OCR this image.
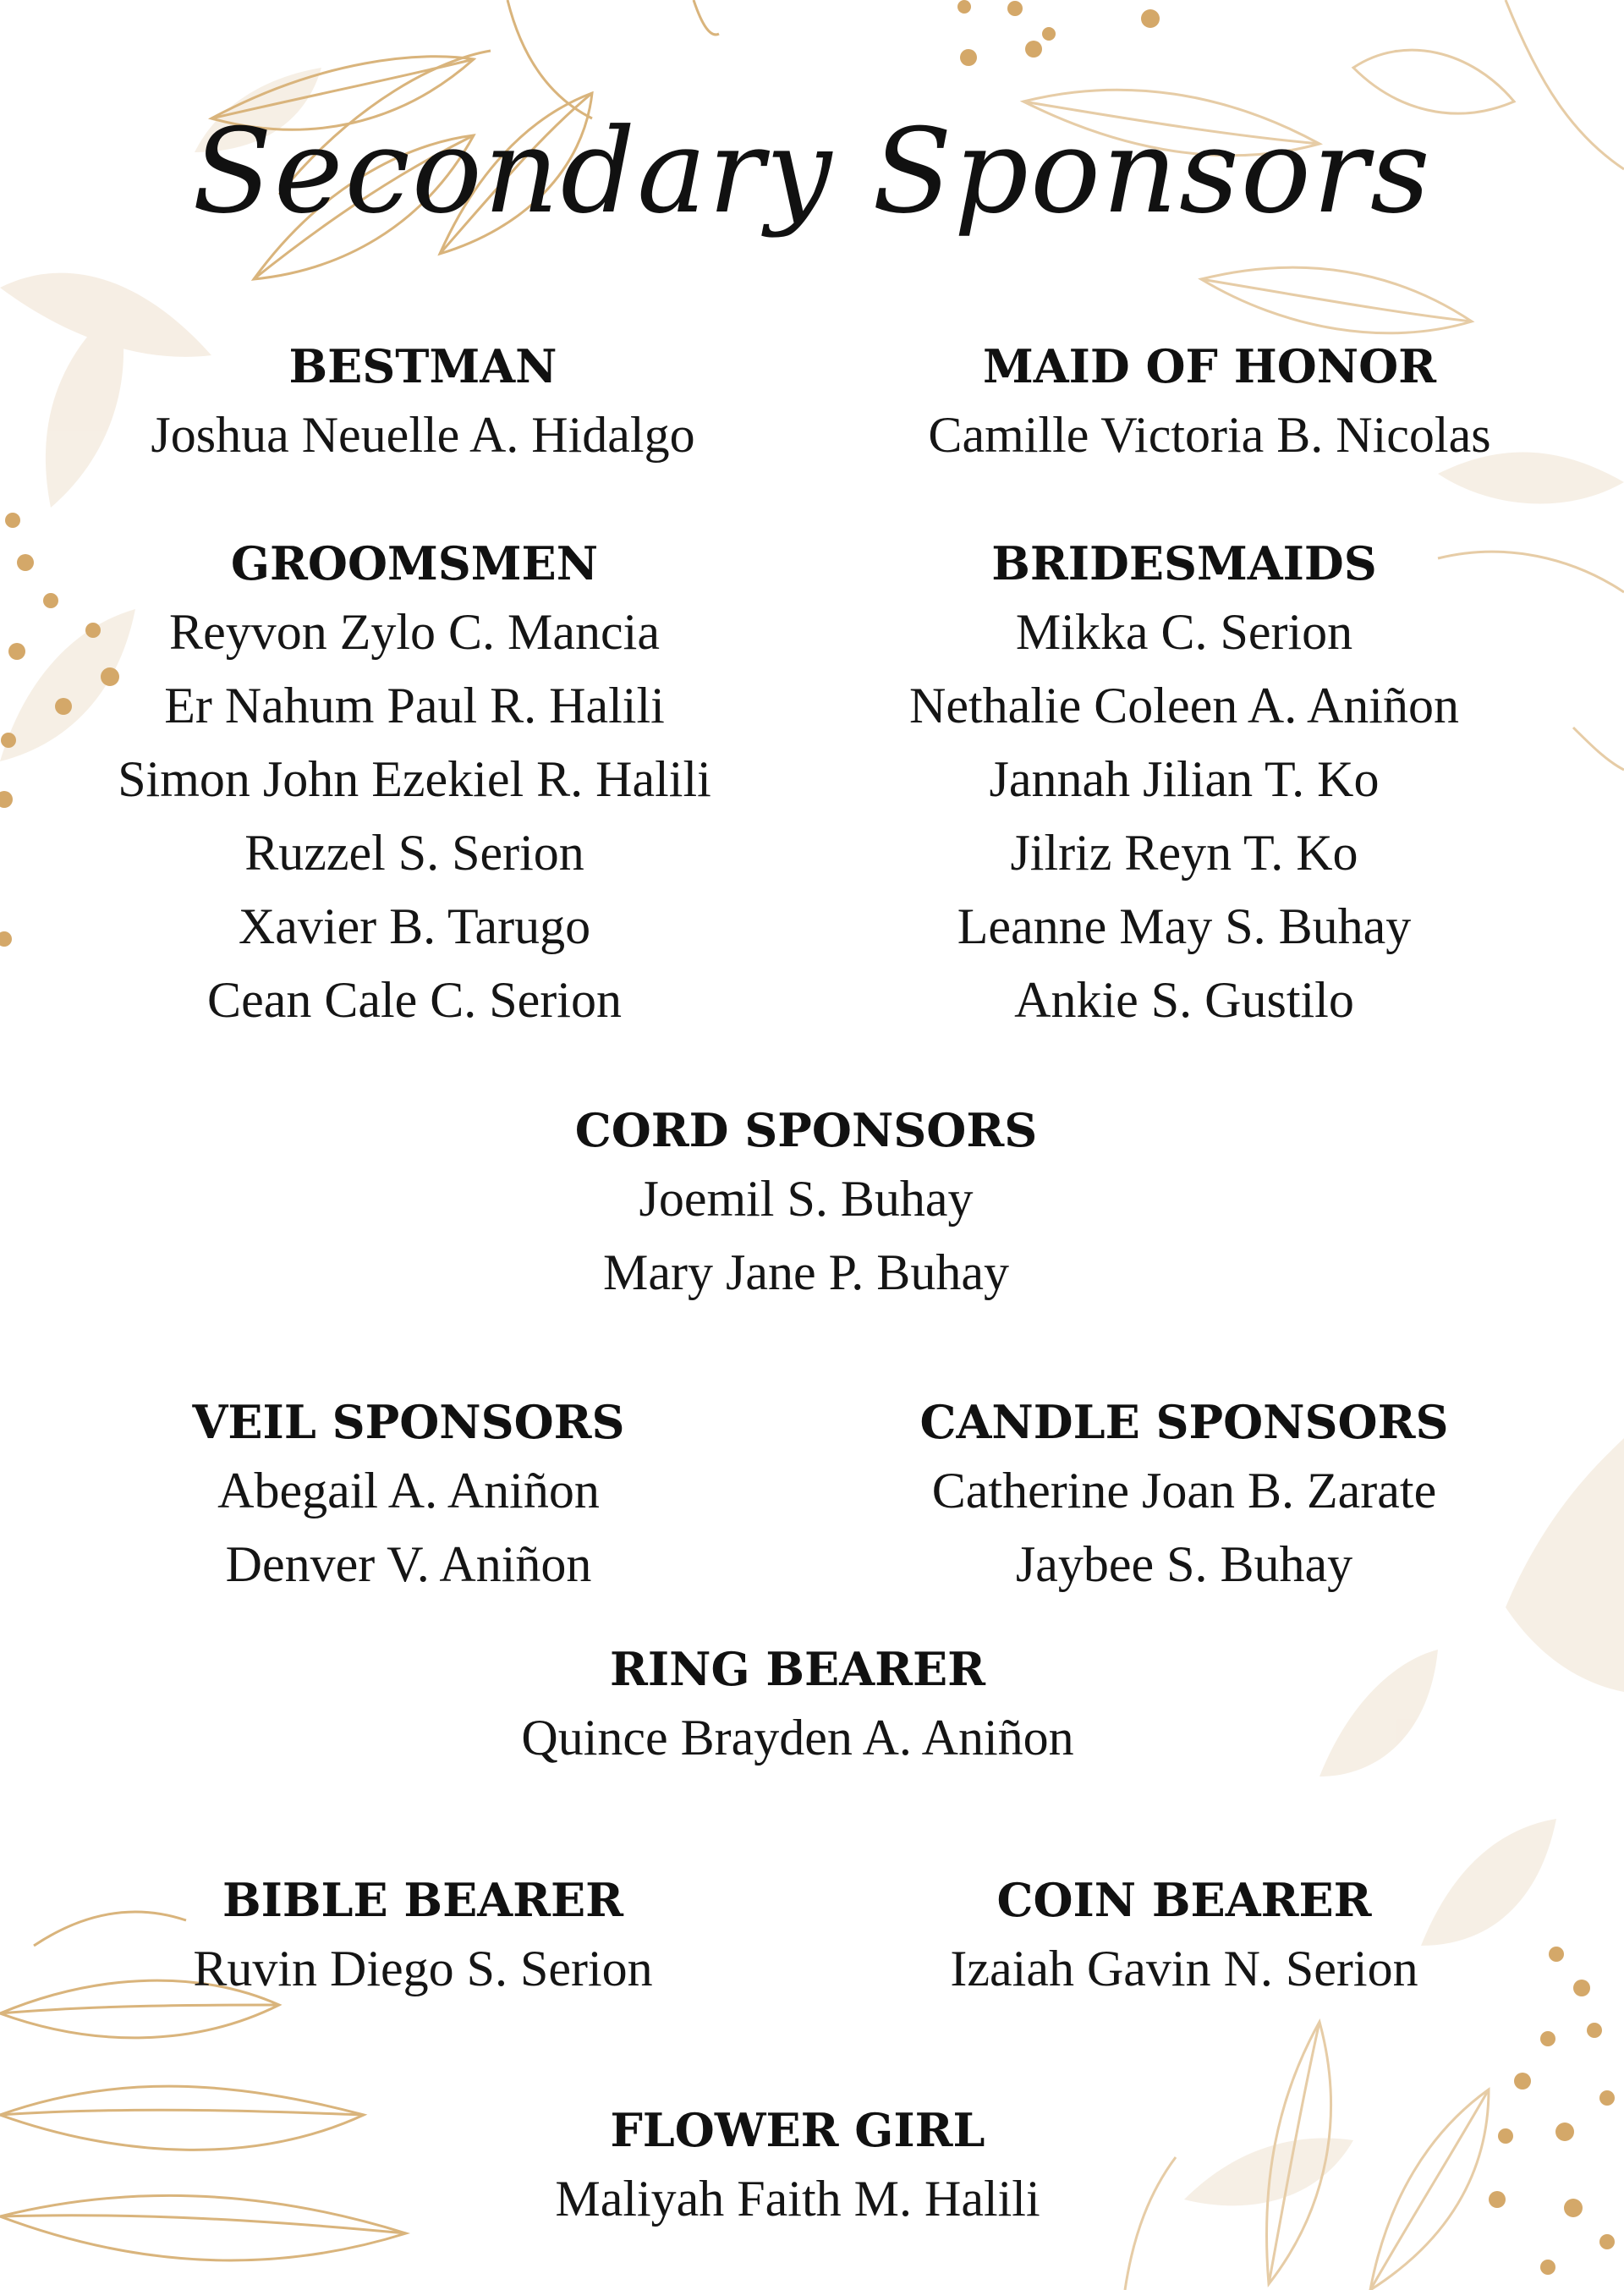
Secondary Sponsors
BESTMAN
Joshua Neuelle A. Hidalgo
MAID OF HONOR
Camille Victoria B. Nicolas
GROOMSMEN
Reyvon Zylo C. Mancia
Er Nahum Paul R. Halili
Simon John Ezekiel R. Halili
Ruzzel S. Serion
Xavier B. Tarugo
Cean Cale C. Serion
BRIDESMAIDS
Mikka C. Serion
Nethalie Coleen A. Aniñon
Jannah Jilian T. Ko
Jilriz Reyn T. Ko
Leanne May S. Buhay
Ankie S. Gustilo
CORD SPONSORS
Joemil S. Buhay
Mary Jane P. Buhay
VEIL SPONSORS
Abegail A. Aniñon
Denver V. Aniñon
CANDLE SPONSORS
Catherine Joan B. Zarate
Jaybee S. Buhay
RING BEARER
Quince Brayden A. Aniñon
BIBLE BEARER
Ruvin Diego S. Serion
COIN BEARER
Izaiah Gavin N. Serion
FLOWER GIRL
Maliyah Faith M. Halili
